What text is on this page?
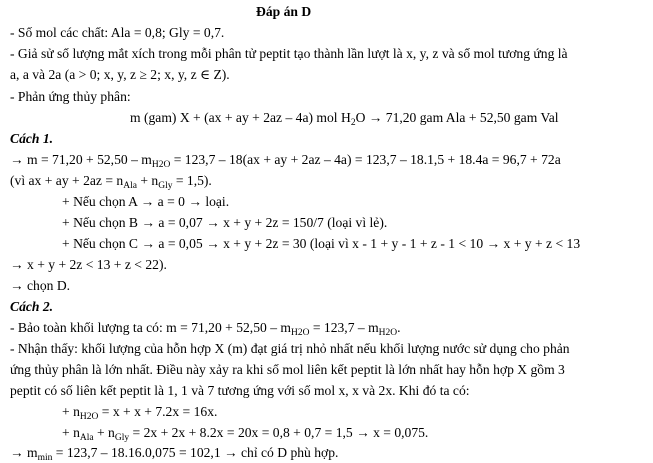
Đáp án D
- Số mol các chất: Ala = 0,8; Gly = 0,7.
- Giả sử số lượng mắt xích trong mỗi phân tử peptit tạo thành lần lượt là x, y, z và số mol tương ứng là
a, a và 2a (a > 0; x, y, z ≥ 2; x, y, z ∈ Z).
- Phản ứng thủy phân:
m (gam) X + (ax + ay + 2az – 4a) mol $H_2O \to 71,20$ gam Ala + 52,50 gam Val
Cách 1.
→ $m = 71,20 + 52,50 - m_{H2O} = 123,7 - 18(ax$ + ay + 2az – 4a) = 123,7 – 18.1,5 + 18.4a = 96,7 + 72a
(vì ax + ay + $2az = n_{Ala} + n_{Gly} = 1,5$).
+ Nếu chọn A → a = 0 → loại.
+ Nếu chọn B → a = 0,07 → x + y + 2z = 150/7 (loại vì lẻ).
+ Nếu chọn C → a = 0,05 → x + y + 2z = 30 (loại vì x - 1 + y - 1 + z - 1 < 10 → x + y + z < 13
→ x + y + 2z < 13 + z < 22).
→ chọn D.
Cách 2.
- Bảo toàn khối lượng ta có: $m = 71,20 + 52,50 - m_{H2O} = 123,7 - m_{H2O}$.
- Nhận thấy: khối lượng của hỗn hợp X (m) đạt giá trị nhỏ nhất nếu khối lượng nước sử dụng cho phản
ứng thủy phân là lớn nhất. Điều này xảy ra khi số mol liên kết peptit là lớn nhất hay hỗn hợp X gồm 3
peptit có số liên kết peptit là 1, 1 và 7 tương ứng với số mol x, x và 2x. Khi đó ta có:
+ $n_{H2O} = x + x + 7.2x = 16x$.
+ $n_{Ala} + n_{Gly} = 2x + 2x + 8.2x = 20x = 0,8 + 0,7 = 1,5 \to x = 0,075$.
→ $m_{min} = 123,7 - 18.16.0,075 = 102,1$ → chỉ có D phù hợp.
